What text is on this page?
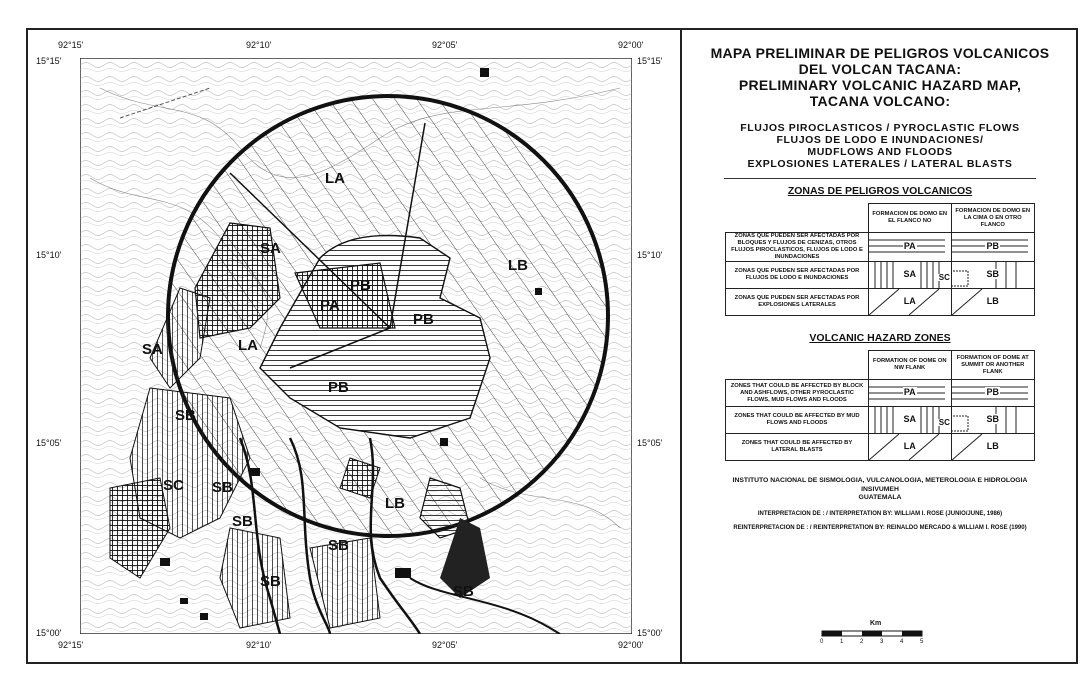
92°15'	92°10'	92°05'	92°00'
92°15'	92°10'	92°05'	92°00'
15°15'
15°10'
15°05'
15°00'
15°15'
15°10'
15°05'
15°00'
LA
LA
LB
LB
PA
PB
PB
PB
SA
SA
SB
SC SB
SB
SB
SB
SB
MAPA PRELIMINAR DE PELIGROS VOLCANICOS
DEL VOLCAN TACANA:
PRELIMINARY VOLCANIC HAZARD MAP,
TACANA VOLCANO:
FLUJOS PIROCLASTICOS / PYROCLASTIC FLOWS
FLUJOS DE LODO E INUNDACIONES/
MUDFLOWS AND FLOODS
EXPLOSIONES LATERALES / LATERAL BLASTS
ZONAS DE PELIGROS VOLCANICOS
	FORMACION DE DOMO EN EL FLANCO NO	FORMACION DE DOMO EN LA CIMA O EN OTRO FLANCO
ZONAS QUE PUEDEN SER AFECTADAS POR BLOQUES Y FLUJOS DE CENIZAS, OTROS FLUJOS PIROCLASTICOS, FLUJOS DE LODO E INUNDACIONES	PA	PB
ZONAS QUE PUEDEN SER AFECTADAS POR FLUJOS DE LODO E INUNDACIONES	SA	SB
SC

ZONAS QUE PUEDEN SER AFECTADAS POR EXPLOSIONES LATERALES	LA	LB
VOLCANIC HAZARD ZONES
	FORMATION OF DOME ON NW FLANK	FORMATION OF DOME AT SUMMIT OR ANOTHER FLANK
ZONES THAT COULD BE AFFECTED BY BLOCK AND ASHFLOWS, OTHER PYROCLASTIC FLOWS, MUD FLOWS AND FLOODS	PA	PB
ZONES THAT COULD BE AFFECTED BY MUD FLOWS AND FLOODS	SA	SB
SC

ZONES THAT COULD BE AFFECTED BY LATERAL BLASTS	LA	LB
INSTITUTO NACIONAL DE SISMOLOGIA, VULCANOLOGIA, METEROLOGIA E HIDROLOGIA
INSIVUMEH
GUATEMALA
INTERPRETACION DE : / INTERPRETATION BY: WILLIAM I. ROSE (JUNIO/JUNE, 1986)
REINTERPRETACION DE : / REINTERPRETATION BY: REINALDO MERCADO & WILLIAM I. ROSE (1990)
Km
0	1	2	3	4	5
